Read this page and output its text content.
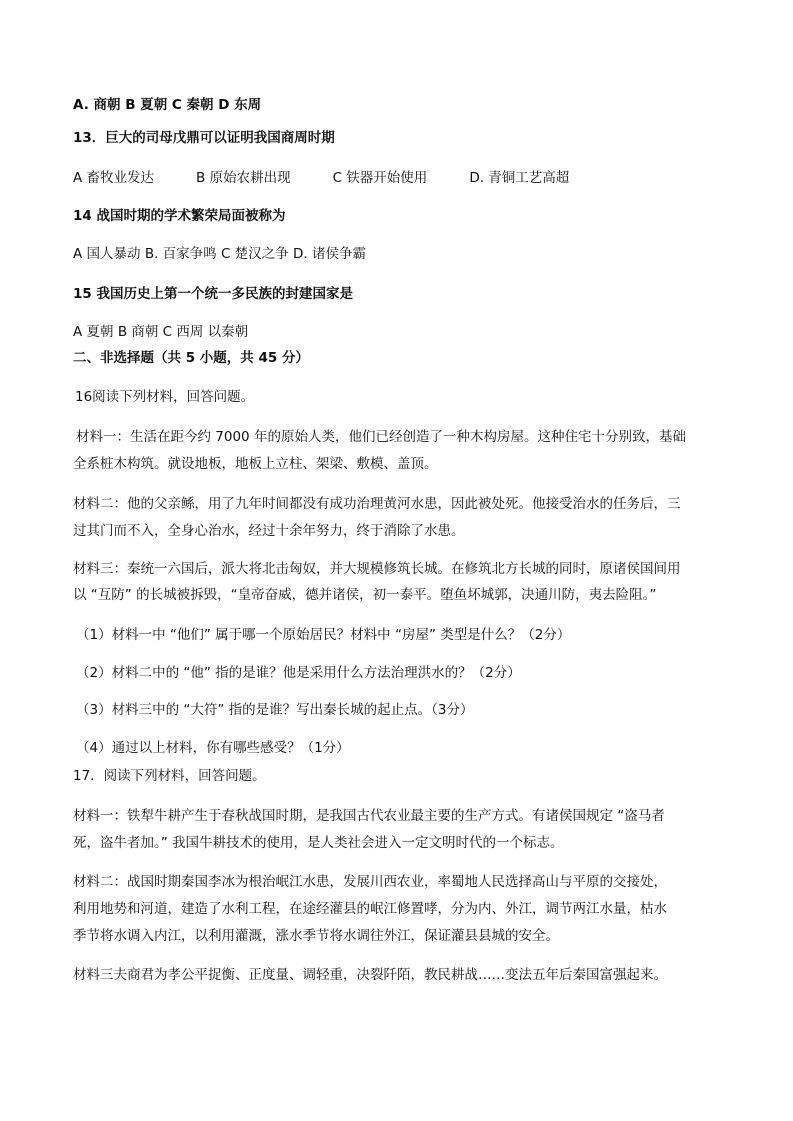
A. 商朝 B 夏朝 C 秦朝 D 东周

13．巨大的司母戊鼎可以证明我国商周时期

A 畜牧业发达	B 原始农耕出现	C 铁器开始使用	D. 青铜工艺高超

14 战国时期的学术繁荣局面被称为

A 国人暴动 B. 百家争鸣 C 楚汉之争 D. 诸侯争霸

15 我国历史上第一个统一多民族的封建国家是

A 夏朝 B 商朝 C 西周 以秦朝

二、非选择题（共 5 小题，共 45 分）

16阅读下列材料，回答问题。

材料一：生活在距今约 7000 年的原始人类，他们已经创造了一种木构房屋。这种住宅十分别致，基础

全系桩木构筑。就设地板，地板上立柱、架梁、敷模、盖顶。

材料二：他的父亲鲧，用了九年时间都没有成功治理黄河水患，因此被处死。他接受治水的任务后，三

过其门而不入，全身心治水，经过十余年努力，终于消除了水患。

材料三：秦统一六国后，派大将北击匈奴，并大规模修筑长城。在修筑北方长城的同时，原诸侯国间用

以 “互防” 的长城被拆毁，“皇帝奋威，德并诸侯，初一泰平。堕鱼坏城郭，决通川防，夷去险阻。”

（1）材料一中 “他们” 属于哪一个原始居民？材料中 “房屋” 类型是什么？（2分）

（2）材料二中的 “他” 指的是谁？他是采用什么方法治理洪水的？（2分）

（3）材料三中的 “大符” 指的是谁？写出秦长城的起止点。（3分）

（4）通过以上材料，你有哪些感受？（1分）

17．阅读下列材料，回答问题。

材料一：铁犁牛耕产生于春秋战国时期，是我国古代农业最主要的生产方式。有诸侯国规定 “盗马者

死，盗牛者加。” 我国牛耕技术的使用，是人类社会进入一定文明时代的一个标志。

材料二：战国时期秦国李冰为根治岷江水患，发展川西农业，率蜀地人民选择高山与平原的交接处，

利用地势和河道，建造了水利工程，在途经灌县的岷江修置哮，分为内、外江，调节两江水量，枯水

季节将水调入内江，以利用灌溉，涨水季节将水调往外江，保证灌县县城的安全。

材料三夫商君为孝公平捉衡、正度量、调轻重，决裂阡陌，教民耕战……变法五年后秦国富强起来。
